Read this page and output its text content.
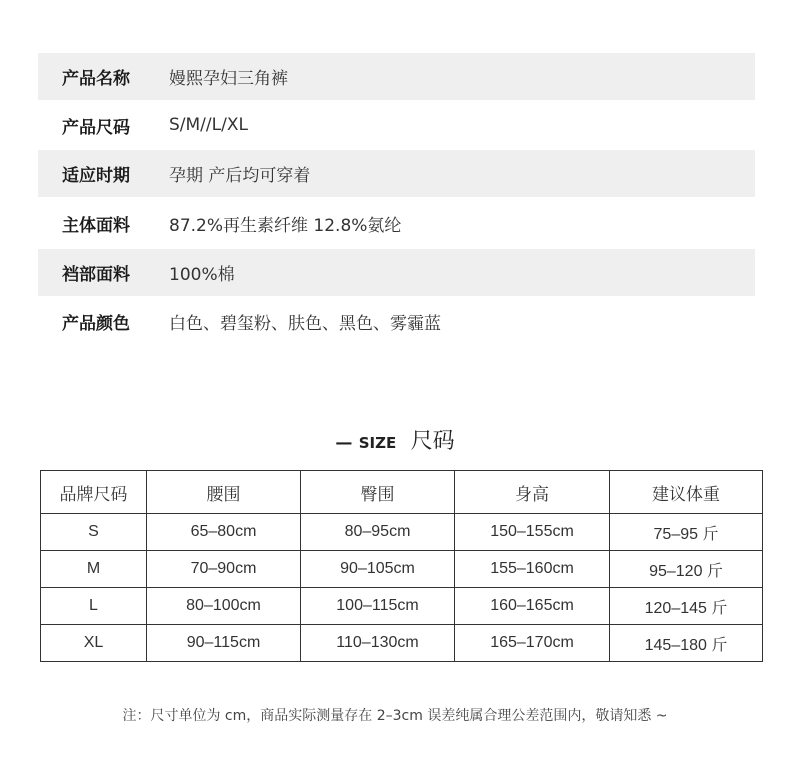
产品名称	嫚熙孕妇三角裤
产品尺码	S/M//L/XL
适应时期	孕期 产后均可穿着
主体面料	87.2%再生素纤维 12.8%氨纶
裆部面料	100%棉
产品颜色	白色、碧玺粉、肤色、黑色、雾霾蓝
— SIZE 尺码
品牌尺码	腰围	臀围	身高	建议体重
S	65–80cm	80–95cm	150–155cm	75–95 斤
M	70–90cm	90–105cm	155–160cm	95–120 斤
L	80–100cm	100–115cm	160–165cm	120–145 斤
XL	90–115cm	110–130cm	165–170cm	145–180 斤
注：尺寸单位为 cm，商品实际测量存在 2–3cm 误差纯属合理公差范围内，敬请知悉 ~
